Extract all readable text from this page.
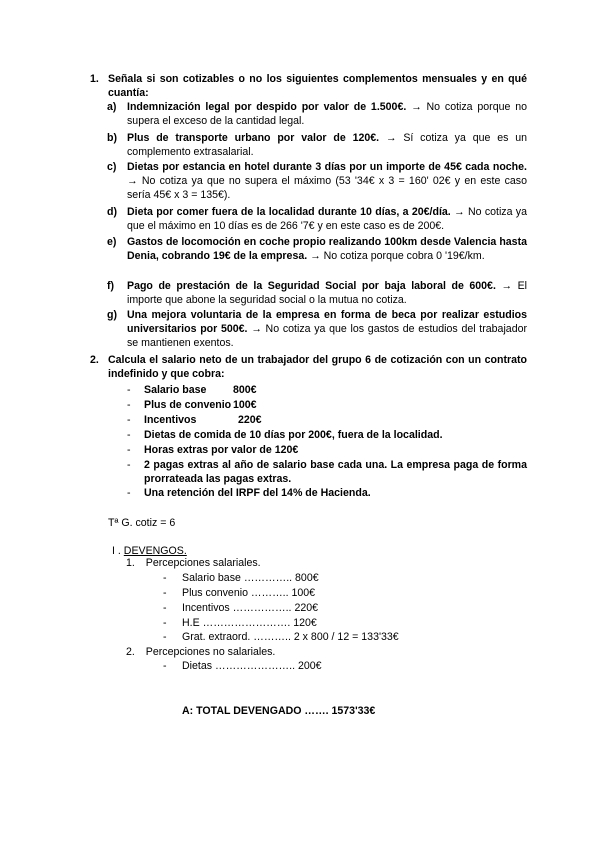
1. Señala si son cotizables o no los siguientes complementos mensuales y en qué cuantía:
a) Indemnización legal por despido por valor de 1.500€. → No cotiza porque no supera el exceso de la cantidad legal.
b) Plus de transporte urbano por valor de 120€. → Sí cotiza ya que es un complemento extrasalarial.
c) Dietas por estancia en hotel durante 3 días por un importe de 45€ cada noche. → No cotiza ya que no supera el máximo (53 '34€ x 3 = 160' 02€ y en este caso sería 45€ x 3 = 135€).
d) Dieta por comer fuera de la localidad durante 10 días, a 20€/día. → No cotiza ya que el máximo en 10 días es de 266 '7€ y en este caso es de 200€.
e) Gastos de locomoción en coche propio realizando 100km desde Valencia hasta Denia, cobrando 19€ de la empresa. → No cotiza porque cobra 0 '19€/km.
f) Pago de prestación de la Seguridad Social por baja laboral de 600€. → El importe que abone la seguridad social o la mutua no cotiza.
g) Una mejora voluntaria de la empresa en forma de beca por realizar estudios universitarios por 500€. → No cotiza ya que los gastos de estudios del trabajador se mantienen exentos.
2. Calcula el salario neto de un trabajador del grupo 6 de cotización con un contrato indefinido y que cobra:
- Salario base	800€
- Plus de convenio 100€
- Incentivos	220€
- Dietas de comida de 10 días por 200€, fuera de la localidad.
- Horas extras por valor de 120€
- 2 pagas extras al año de salario base cada una. La empresa paga de forma prorrateada las pagas extras.
- Una retención del IRPF del 14% de Hacienda.
Tª G. cotiz = 6
I . DEVENGOS.
1. Percepciones salariales.
- Salario base ………….. 800€
- Plus convenio ……….. 100€
- Incentivos …………….. 220€
- H.E ……………………. 120€
- Grat. extraord. ……….. 2 x 800 / 12 = 133'33€
2. Percepciones no salariales.
- Dietas ………………….. 200€
A: TOTAL DEVENGADO ……. 1573'33€
